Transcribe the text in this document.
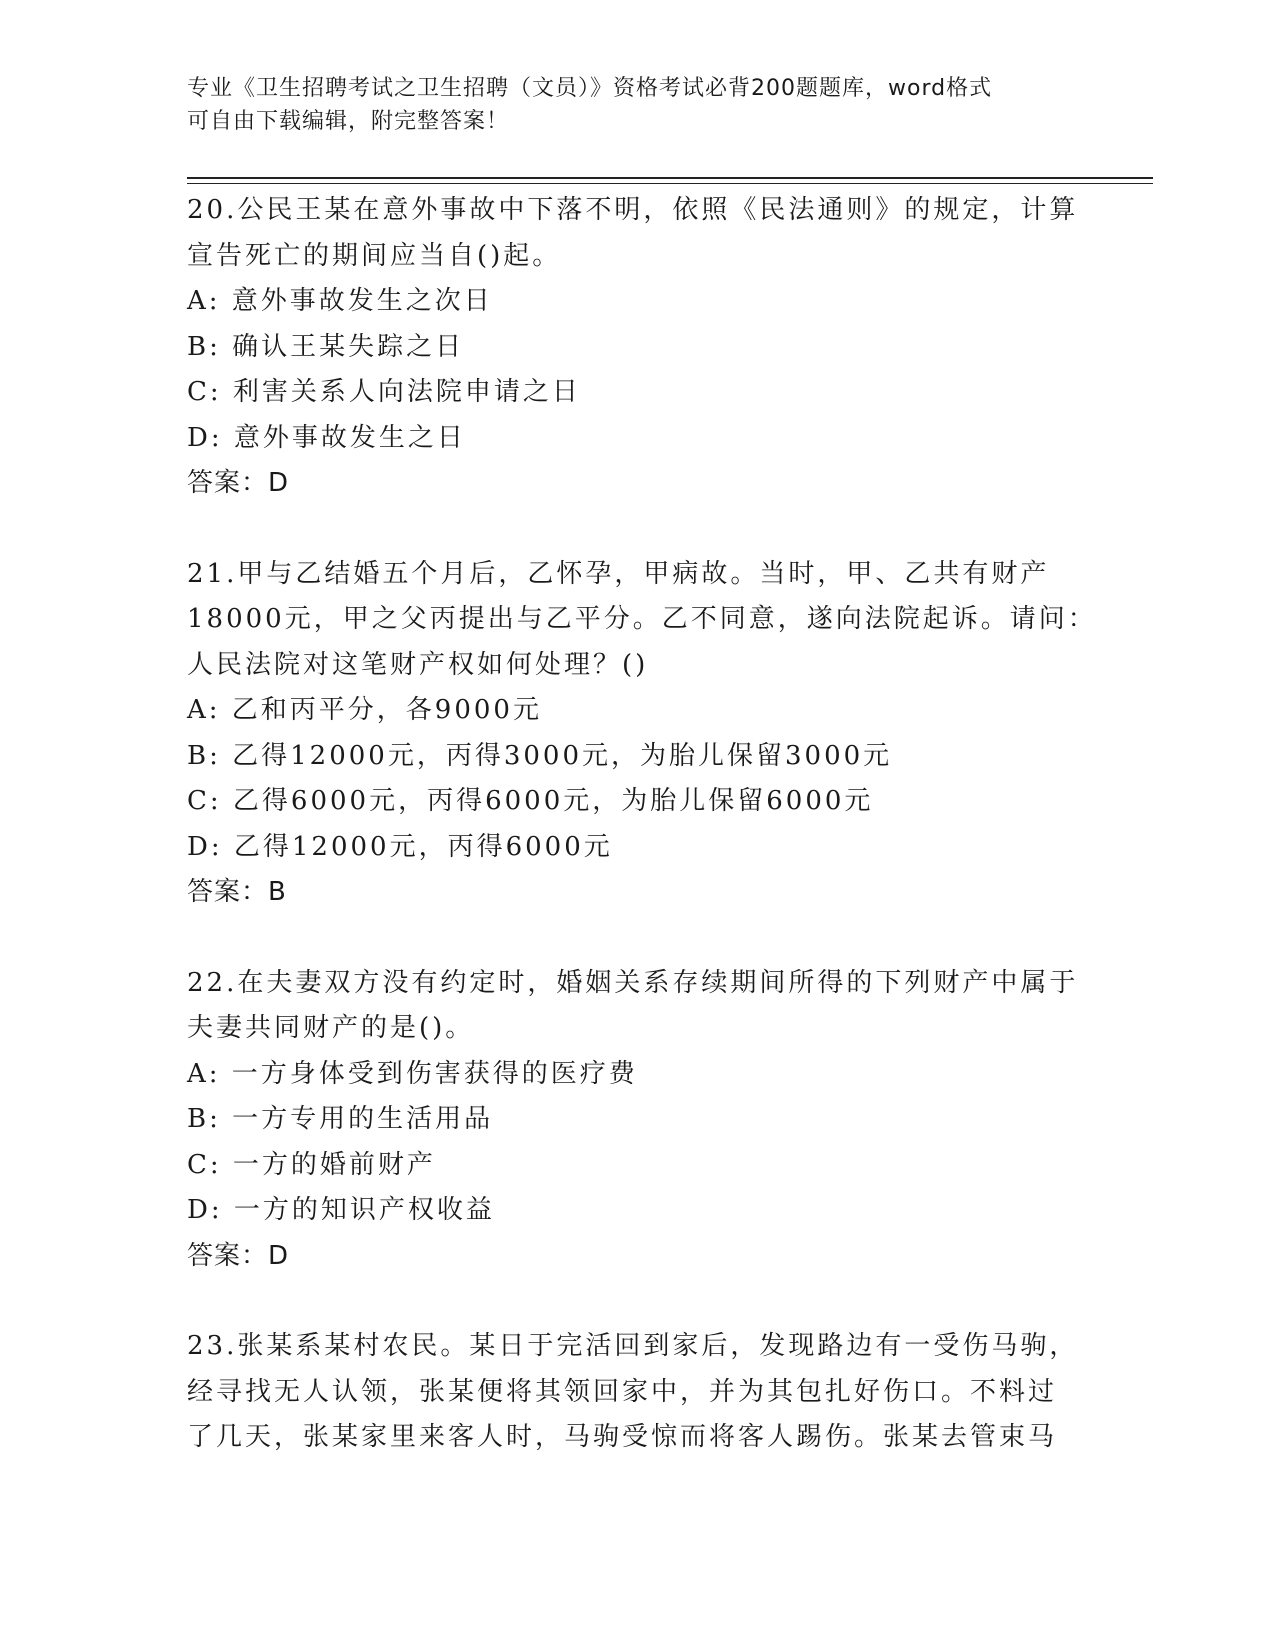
专业《卫生招聘考试之卫生招聘（文员）》资格考试必背200题题库，word格式

可自由下载编辑，附完整答案！

20.公民王某在意外事故中下落不明，依照《民法通则》的规定，计算

宣告死亡的期间应当自()起。

A: 意外事故发生之次日

B: 确认王某失踪之日

C: 利害关系人向法院申请之日

D: 意外事故发生之日

答案：D

21.甲与乙结婚五个月后，乙怀孕，甲病故。当时，甲、乙共有财产

18000元，甲之父丙提出与乙平分。乙不同意，遂向法院起诉。请问：

人民法院对这笔财产权如何处理？()

A: 乙和丙平分，各9000元

B: 乙得12000元，丙得3000元，为胎儿保留3000元

C: 乙得6000元，丙得6000元，为胎儿保留6000元

D: 乙得12000元，丙得6000元

答案：B

22.在夫妻双方没有约定时，婚姻关系存续期间所得的下列财产中属于

夫妻共同财产的是()。

A: 一方身体受到伤害获得的医疗费

B: 一方专用的生活用品

C: 一方的婚前财产

D: 一方的知识产权收益

答案：D

23.张某系某村农民。某日于完活回到家后，发现路边有一受伤马驹，

经寻找无人认领，张某便将其领回家中，并为其包扎好伤口。不料过

了几天，张某家里来客人时，马驹受惊而将客人踢伤。张某去管束马
